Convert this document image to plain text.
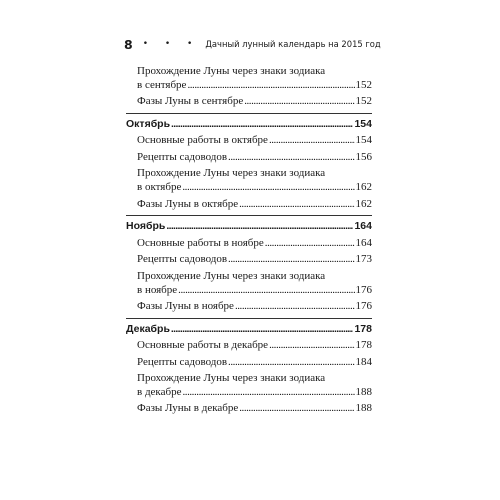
8 • • • Дачный лунный календарь на 2015 год
Прохождение Луны через знаки зодиака
в сентябре . . .	152
Фазы Луны в сентябре . . .	152
Октябрь . . .	154
Основные работы в октябре . . .	154
Рецепты садоводов . . .	156
Прохождение Луны через знаки зодиака
в октябре . . .	162
Фазы Луны в октябре . . .	162
Ноябрь . . .	164
Основные работы в ноябре . . .	164
Рецепты садоводов . . .	173
Прохождение Луны через знаки зодиака
в ноябре . . .	176
Фазы Луны в ноябре . . .	176
Декабрь . . .	178
Основные работы в декабре . . .	178
Рецепты садоводов . . .	184
Прохождение Луны через знаки зодиака
в декабре . . .	188
Фазы Луны в декабре . . .	188
